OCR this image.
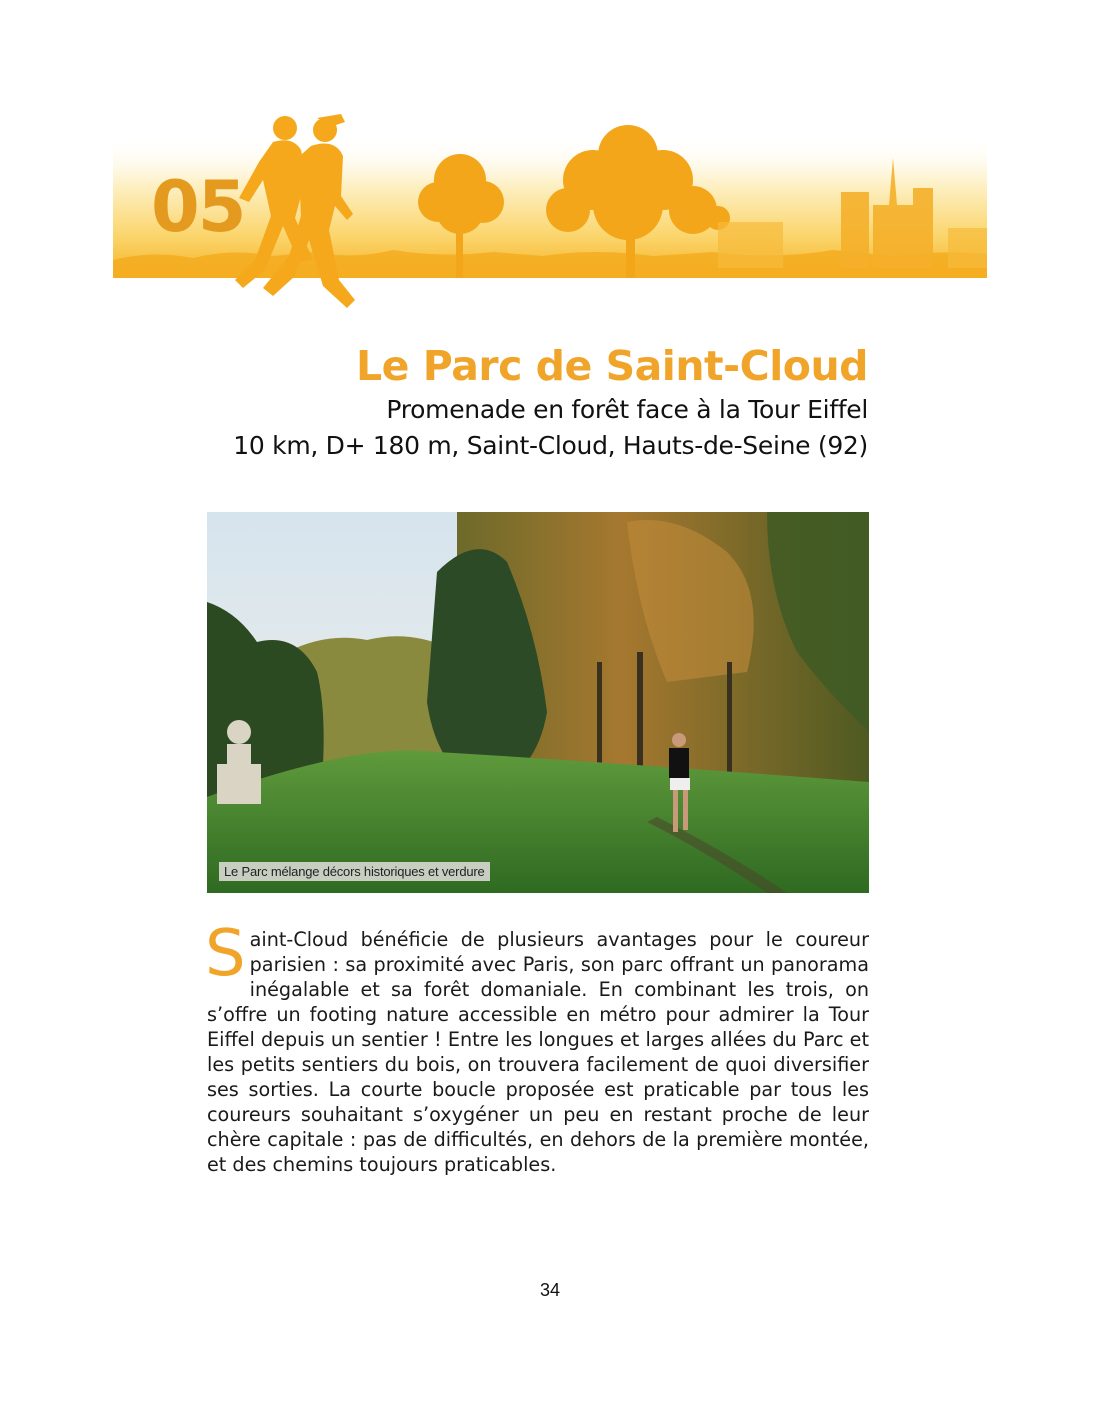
05
Le Parc de Saint-Cloud

Promenade en forêt face à la Tour Eiffel

10 km, D+ 180 m, Saint-Cloud, Hauts-de-Seine (92)

Le Parc mélange décors historiques et verdure

Saint-Cloud bénéficie de plusieurs avantages pour le coureur parisien : sa proximité avec Paris, son parc offrant un panorama inégalable et sa forêt domaniale. En combinant les trois, on s’offre un footing nature accessible en métro pour admirer la Tour Eiffel depuis un sentier ! Entre les longues et larges allées du Parc et les petits sentiers du bois, on trouvera facilement de quoi diversifier ses sorties. La courte boucle proposée est praticable par tous les coureurs souhaitant s’oxygéner un peu en restant proche de leur chère capitale : pas de difficultés, en dehors de la première montée, et des chemins toujours praticables.

34
